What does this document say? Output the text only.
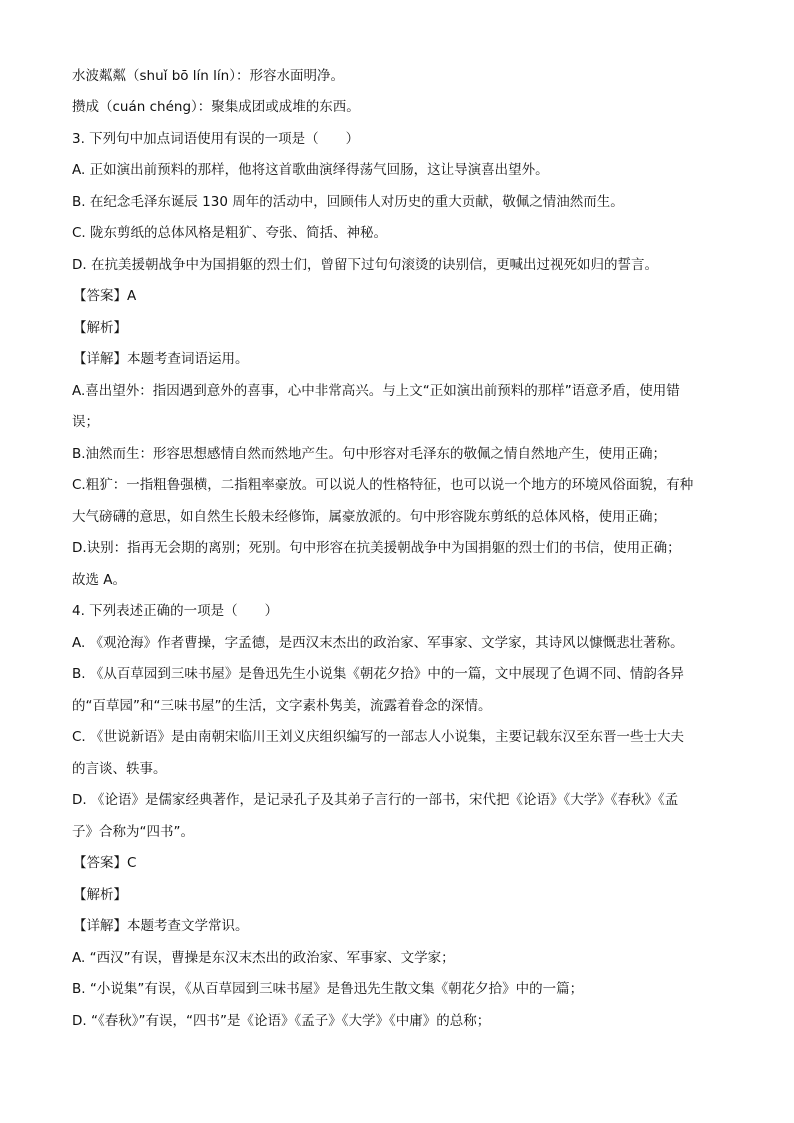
水波粼粼（shuǐ bō lín lín）：形容水面明净。
攒成（cuán chéng）：聚集成团或成堆的东西。
3. 下列句中加点词语使用有误的一项是（　　）
A. 正如演出前预料的那样，他将这首歌曲演绎得荡气回肠，这让导演喜出望外。
B. 在纪念毛泽东诞辰 130 周年的活动中，回顾伟人对历史的重大贡献，敬佩之情油然而生。
C. 陇东剪纸的总体风格是粗犷、夸张、简括、神秘。
D. 在抗美援朝战争中为国捐躯的烈士们，曾留下过句句滚烫的诀别信，更喊出过视死如归的誓言。
【答案】A
【解析】
【详解】本题考查词语运用。
A.喜出望外：指因遇到意外的喜事，心中非常高兴。与上文“正如演出前预料的那样”语意矛盾，使用错
误；
B.油然而生：形容思想感情自然而然地产生。句中形容对毛泽东的敬佩之情自然地产生，使用正确；
C.粗犷：一指粗鲁强横，二指粗率豪放。可以说人的性格特征，也可以说一个地方的环境风俗面貌，有种
大气磅礴的意思，如自然生长般未经修饰，属豪放派的。句中形容陇东剪纸的总体风格，使用正确；
D.诀别：指再无会期的离别；死别。句中形容在抗美援朝战争中为国捐躯的烈士们的书信，使用正确；
故选 A。
4. 下列表述正确的一项是（　　）
A. 《观沧海》作者曹操，字孟德，是西汉末杰出的政治家、军事家、文学家，其诗风以慷慨悲壮著称。
B. 《从百草园到三味书屋》是鲁迅先生小说集《朝花夕拾》中的一篇，文中展现了色调不同、情韵各异
的“百草园”和“三味书屋”的生活，文字素朴隽美，流露着眷念的深情。
C. 《世说新语》是由南朝宋临川王刘义庆组织编写的一部志人小说集，主要记载东汉至东晋一些士大夫
的言谈、轶事。
D. 《论语》是儒家经典著作，是记录孔子及其弟子言行的一部书，宋代把《论语》《大学》《春秋》《孟
子》合称为“四书”。
【答案】C
【解析】
【详解】本题考查文学常识。
A. “西汉”有误，曹操是东汉末杰出的政治家、军事家、文学家；
B. “小说集”有误，《从百草园到三味书屋》是鲁迅先生散文集《朝花夕拾》中的一篇；
D. “《春秋》”有误，“四书”是《论语》《孟子》《大学》《中庸》的总称；
